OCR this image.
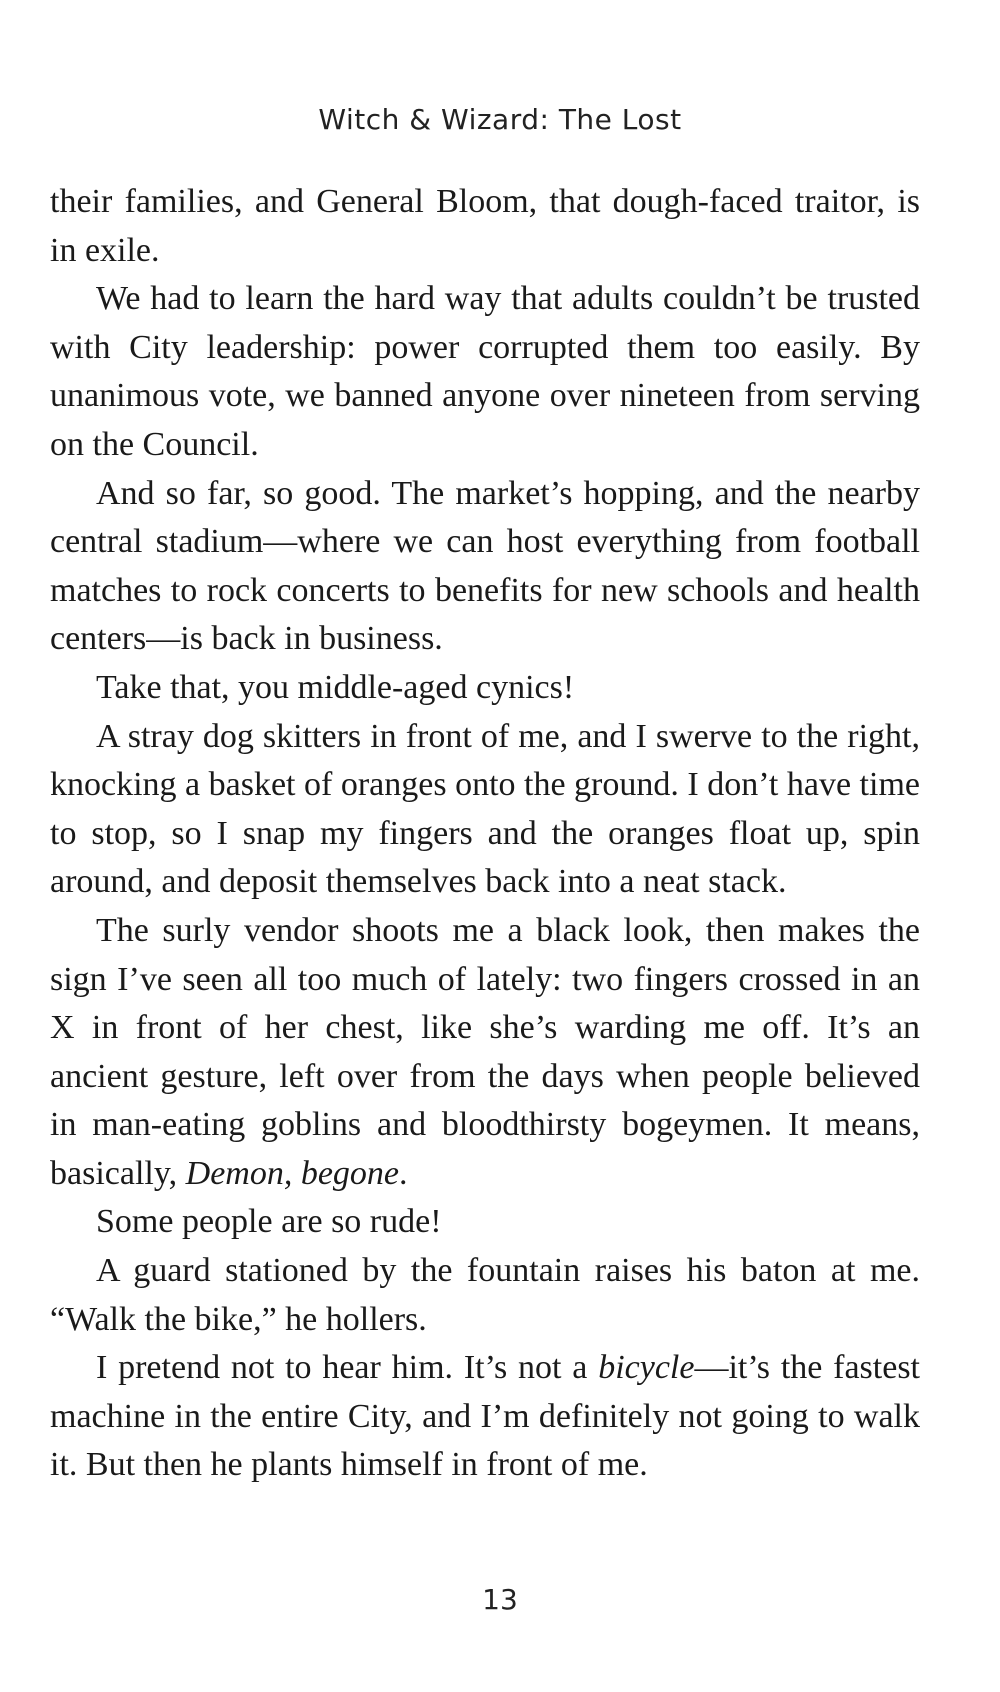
Witch & Wizard: The Lost

their families, and General Bloom, that dough-faced traitor, is in exile.

We had to learn the hard way that adults couldn’t be trusted with City leadership: power corrupted them too easily. By unanimous vote, we banned anyone over nineteen from serving on the Council.

And so far, so good. The market’s hopping, and the nearby central stadium—where we can host everything from football matches to rock concerts to benefits for new schools and health centers—is back in business.

Take that, you middle-aged cynics!

A stray dog skitters in front of me, and I swerve to the right, knocking a basket of oranges onto the ground. I don’t have time to stop, so I snap my fingers and the oranges float up, spin around, and deposit themselves back into a neat stack.

The surly vendor shoots me a black look, then makes the sign I’ve seen all too much of lately: two fingers crossed in an X in front of her chest, like she’s warding me off. It’s an ancient gesture, left over from the days when people believed in man-eating goblins and bloodthirsty bogeymen. It means, basically, Demon, begone.

Some people are so rude!

A guard stationed by the fountain raises his baton at me. “Walk the bike,” he hollers.

I pretend not to hear him. It’s not a bicycle—it’s the fastest machine in the entire City, and I’m definitely not going to walk it. But then he plants himself in front of me.

13
